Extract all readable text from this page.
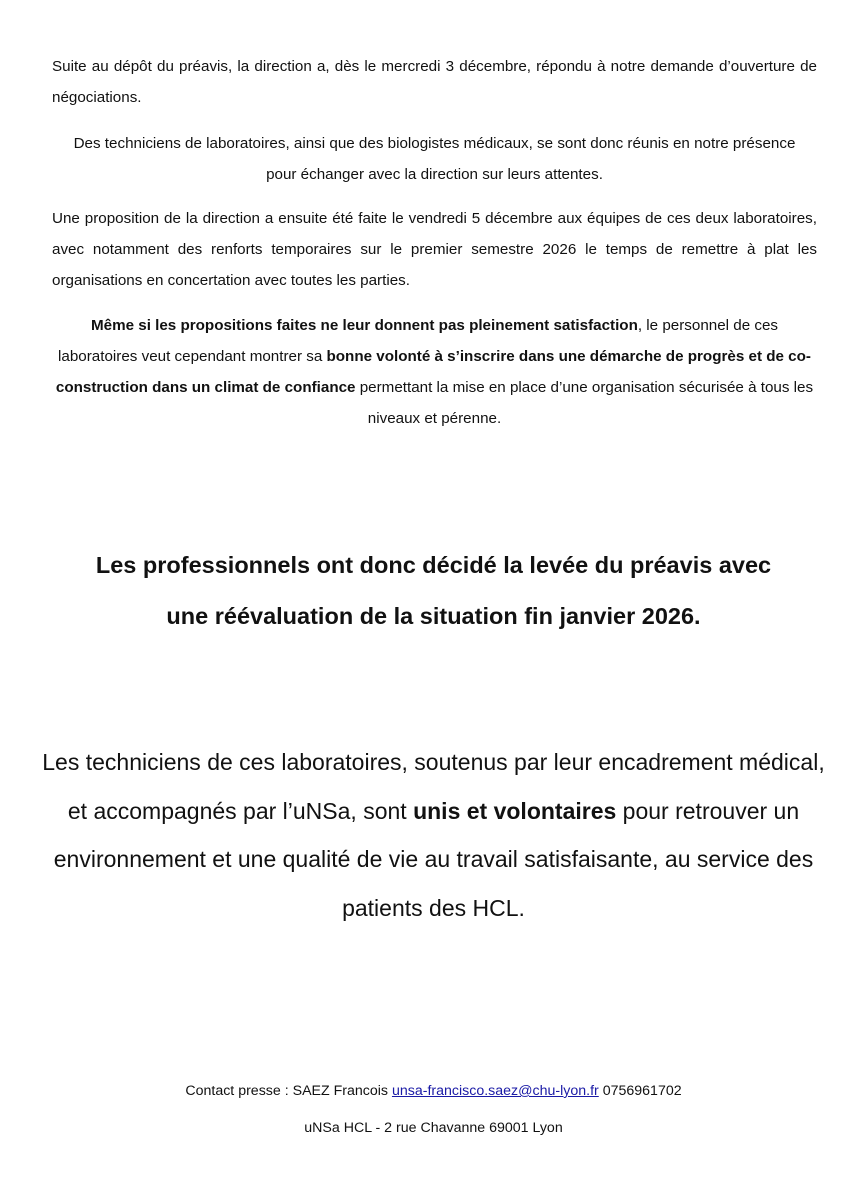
Suite au dépôt du préavis, la direction a, dès le mercredi 3 décembre, répondu à notre demande d’ouverture de négociations.

Des techniciens de laboratoires, ainsi que des biologistes médicaux, se sont donc réunis en notre présence
pour échanger avec la direction sur leurs attentes.

Une proposition de la direction a ensuite été faite le vendredi 5 décembre aux équipes de ces deux laboratoires, avec notamment des renforts temporaires sur le premier semestre 2026 le temps de remettre à plat les organisations en concertation avec toutes les parties.

Même si les propositions faites ne leur donnent pas pleinement satisfaction, le personnel de ces laboratoires veut cependant montrer sa bonne volonté à s’inscrire dans une démarche de progrès et de co-construction dans un climat de confiance permettant la mise en place d’une organisation sécurisée à tous les niveaux et pérenne.

Les professionnels ont donc décidé la levée du préavis avec
une réévaluation de la situation fin janvier 2026.

Les techniciens de ces laboratoires, soutenus par leur encadrement médical, et accompagnés par l’uNSa, sont unis et volontaires pour retrouver un environnement et une qualité de vie au travail satisfaisante, au service des patients des HCL.

Contact presse : SAEZ Francois unsa-francisco.saez@chu-lyon.fr 0756961702

uNSa HCL - 2 rue Chavanne 69001 Lyon
